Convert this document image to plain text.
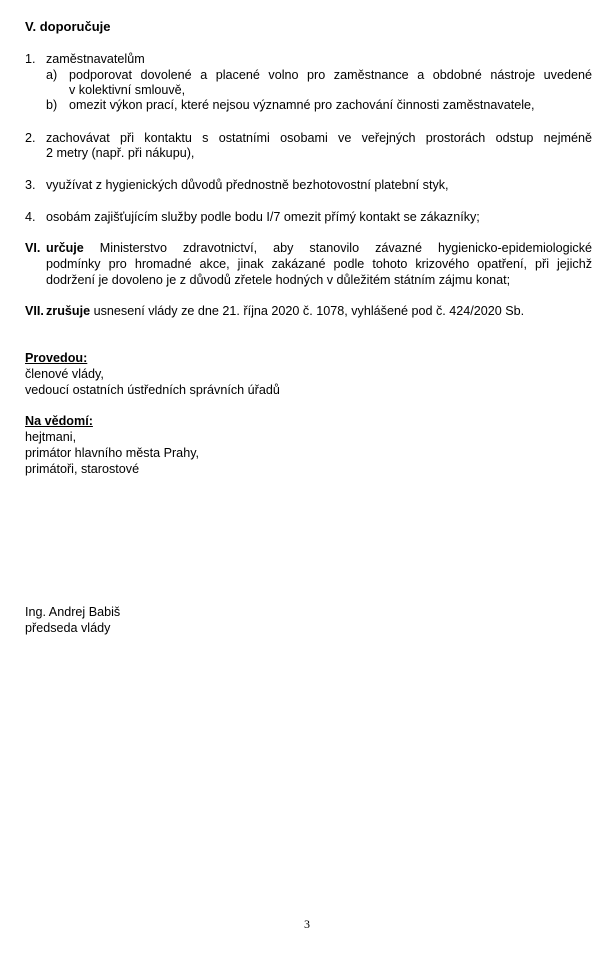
V. doporučuje
1. zaměstnavatelům
a) podporovat dovolené a placené volno pro zaměstnance a obdobné nástroje uvedené
v kolektivní smlouvě,
b) omezit výkon prací, které nejsou významné pro zachování činnosti zaměstnavatele,
2. zachovávat při kontaktu s ostatními osobami ve veřejných prostorách odstup nejméně
2 metry (např. při nákupu),
3. využívat z hygienických důvodů přednostně bezhotovostní platební styk,
4. osobám zajišťujícím služby podle bodu I/7 omezit přímý kontakt se zákazníky;
VI. určuje Ministerstvo zdravotnictví, aby stanovilo závazné hygienicko-epidemiologické
podmínky pro hromadné akce, jinak zakázané podle tohoto krizového opatření, při jejichž
dodržení je dovoleno je z důvodů zřetele hodných v důležitém státním zájmu konat;
VII. zrušuje usnesení vlády ze dne 21. října 2020 č. 1078, vyhlášené pod č. 424/2020 Sb.
Provedou:
členové vlády,
vedoucí ostatních ústředních správních úřadů
Na vědomí:
hejtmani,
primátor hlavního města Prahy,
primátoři, starostové
Ing. Andrej Babiš
předseda vlády
3
